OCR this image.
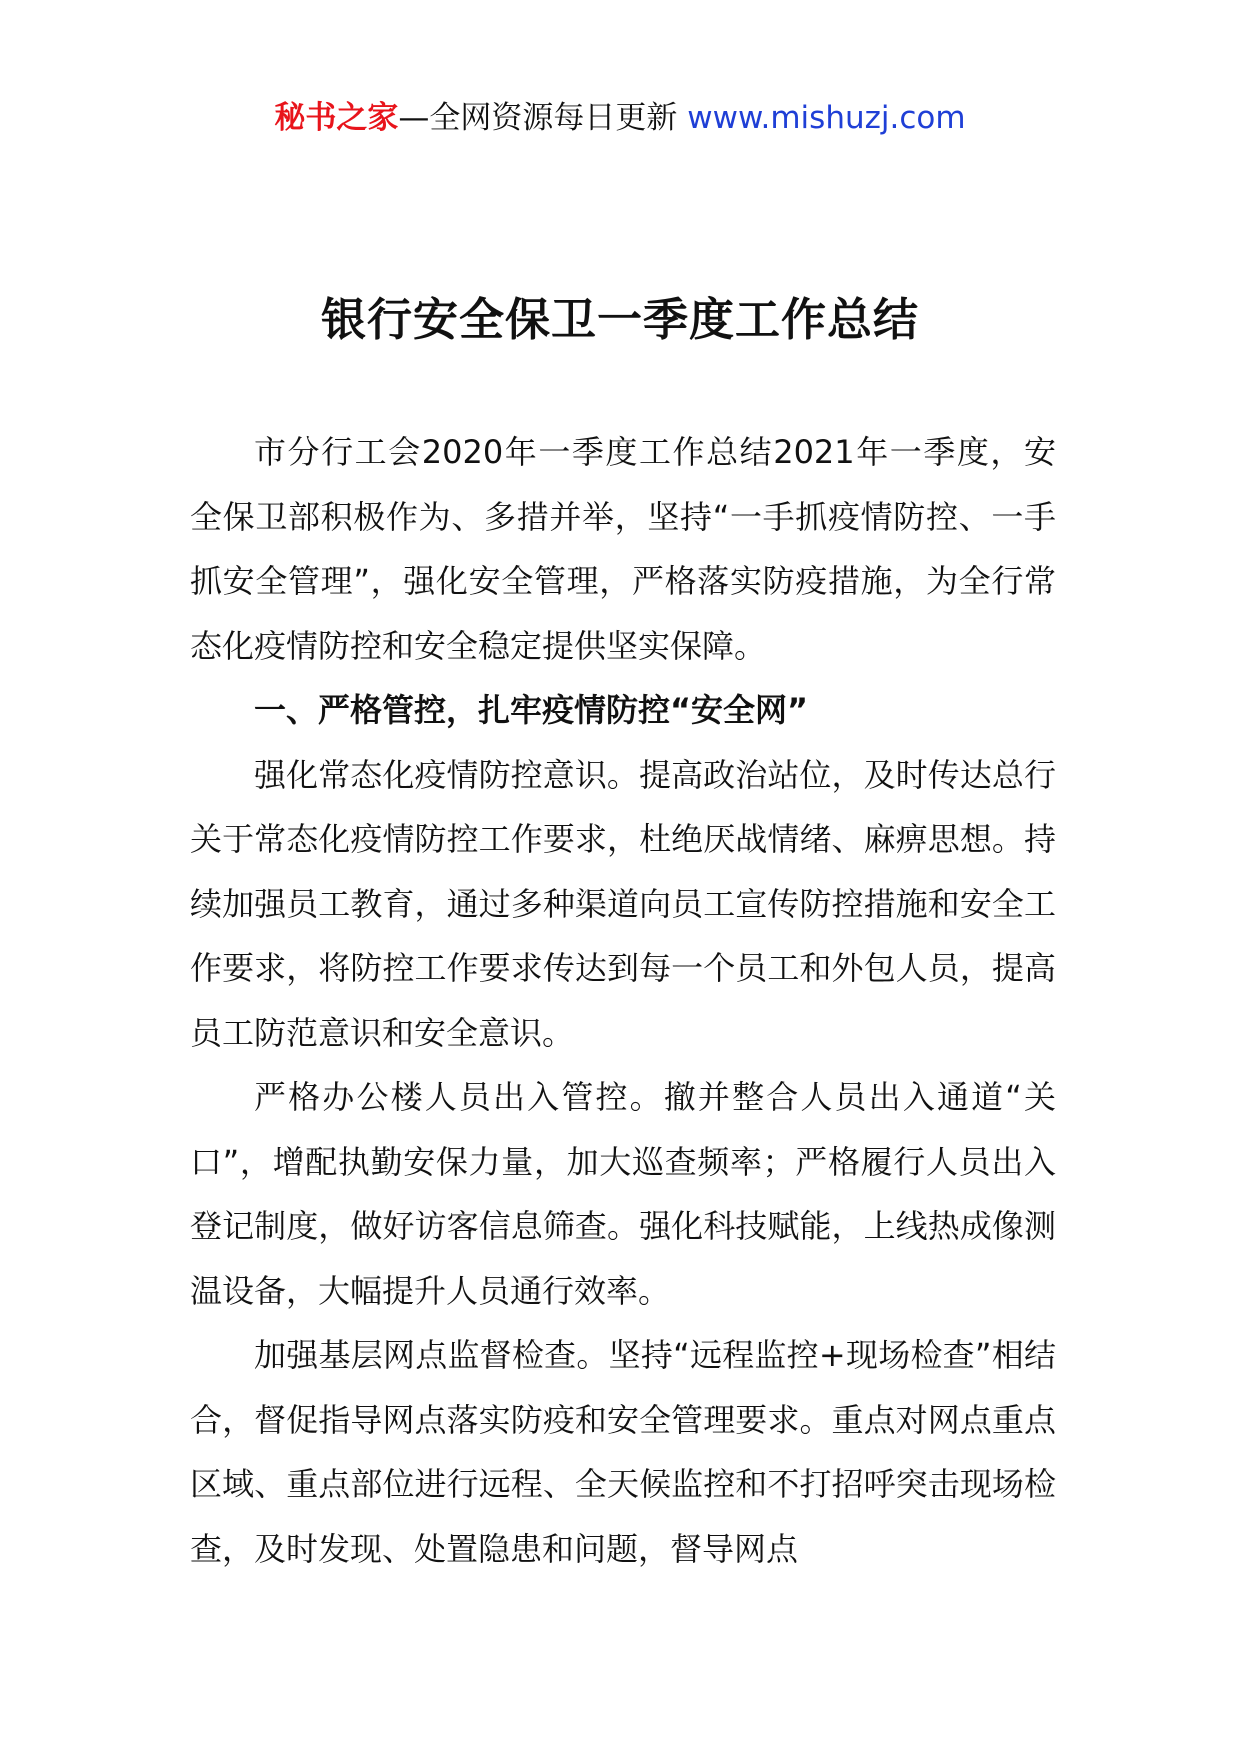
秘书之家—全网资源每日更新 www.mishuzj.com
银行安全保卫一季度工作总结

市分行工会2020年一季度工作总结2021年一季度，安全保卫部积极作为、多措并举，坚持“一手抓疫情防控、一手抓安全管理”，强化安全管理，严格落实防疫措施，为全行常态化疫情防控和安全稳定提供坚实保障。

一、严格管控，扎牢疫情防控“安全网”

强化常态化疫情防控意识。提高政治站位，及时传达总行关于常态化疫情防控工作要求，杜绝厌战情绪、麻痹思想。持续加强员工教育，通过多种渠道向员工宣传防控措施和安全工作要求，将防控工作要求传达到每一个员工和外包人员，提高员工防范意识和安全意识。

严格办公楼人员出入管控。撤并整合人员出入通道“关口”，增配执勤安保力量，加大巡查频率；严格履行人员出入登记制度，做好访客信息筛查。强化科技赋能，上线热成像测温设备，大幅提升人员通行效率。

加强基层网点监督检查。坚持“远程监控+现场检查”相结合，督促指导网点落实防疫和安全管理要求。重点对网点重点区域、重点部位进行远程、全天候监控和不打招呼突击现场检查，及时发现、处置隐患和问题，督导网点
